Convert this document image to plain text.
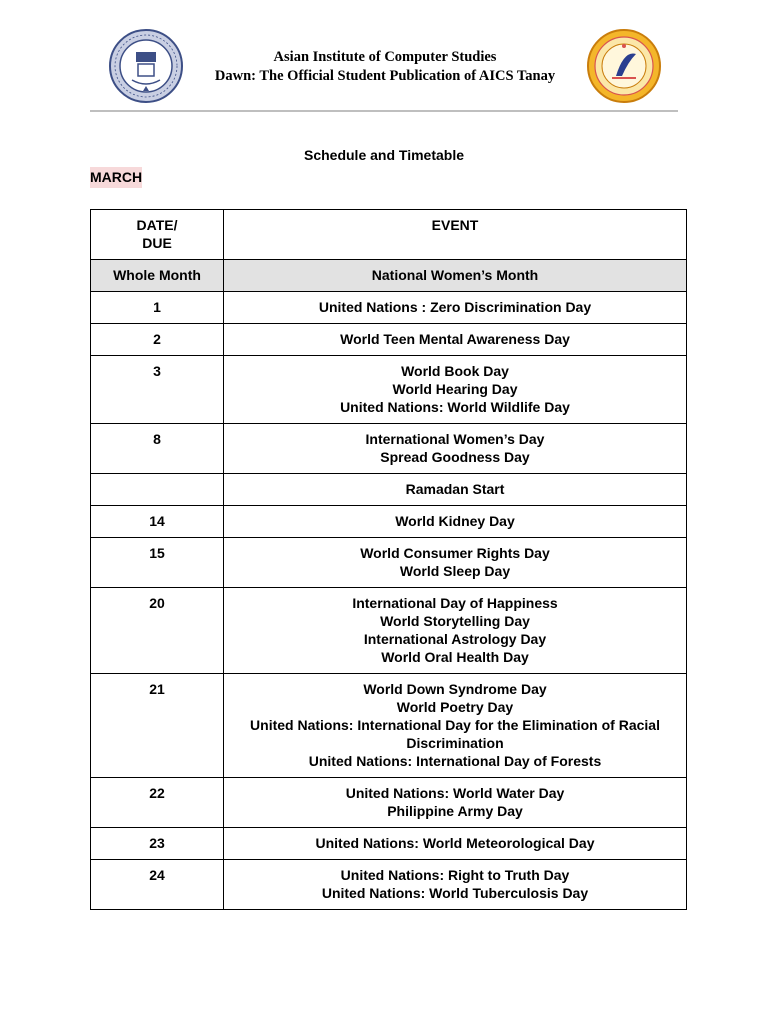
Asian Institute of Computer Studies
Dawn: The Official Student Publication of AICS Tanay
Schedule and Timetable
MARCH
DATE/
DUE	EVENT
Whole Month	National Women’s Month

1	United Nations : Zero Discrimination Day

2	World Teen Mental Awareness Day

3	World Book Day
World Hearing Day
United Nations: World Wildlife Day

8	International Women’s Day
Spread Goodness Day

	Ramadan Start

14	World Kidney Day

15	World Consumer Rights Day
World Sleep Day

20	International Day of Happiness
World Storytelling Day
International Astrology Day
World Oral Health Day

21	World Down Syndrome Day
World Poetry Day
United Nations: International Day for the Elimination of Racial Discrimination
United Nations: International Day of Forests

22	United Nations: World Water Day
Philippine Army Day

23	United Nations: World Meteorological Day

24	United Nations: Right to Truth Day
United Nations: World Tuberculosis Day
